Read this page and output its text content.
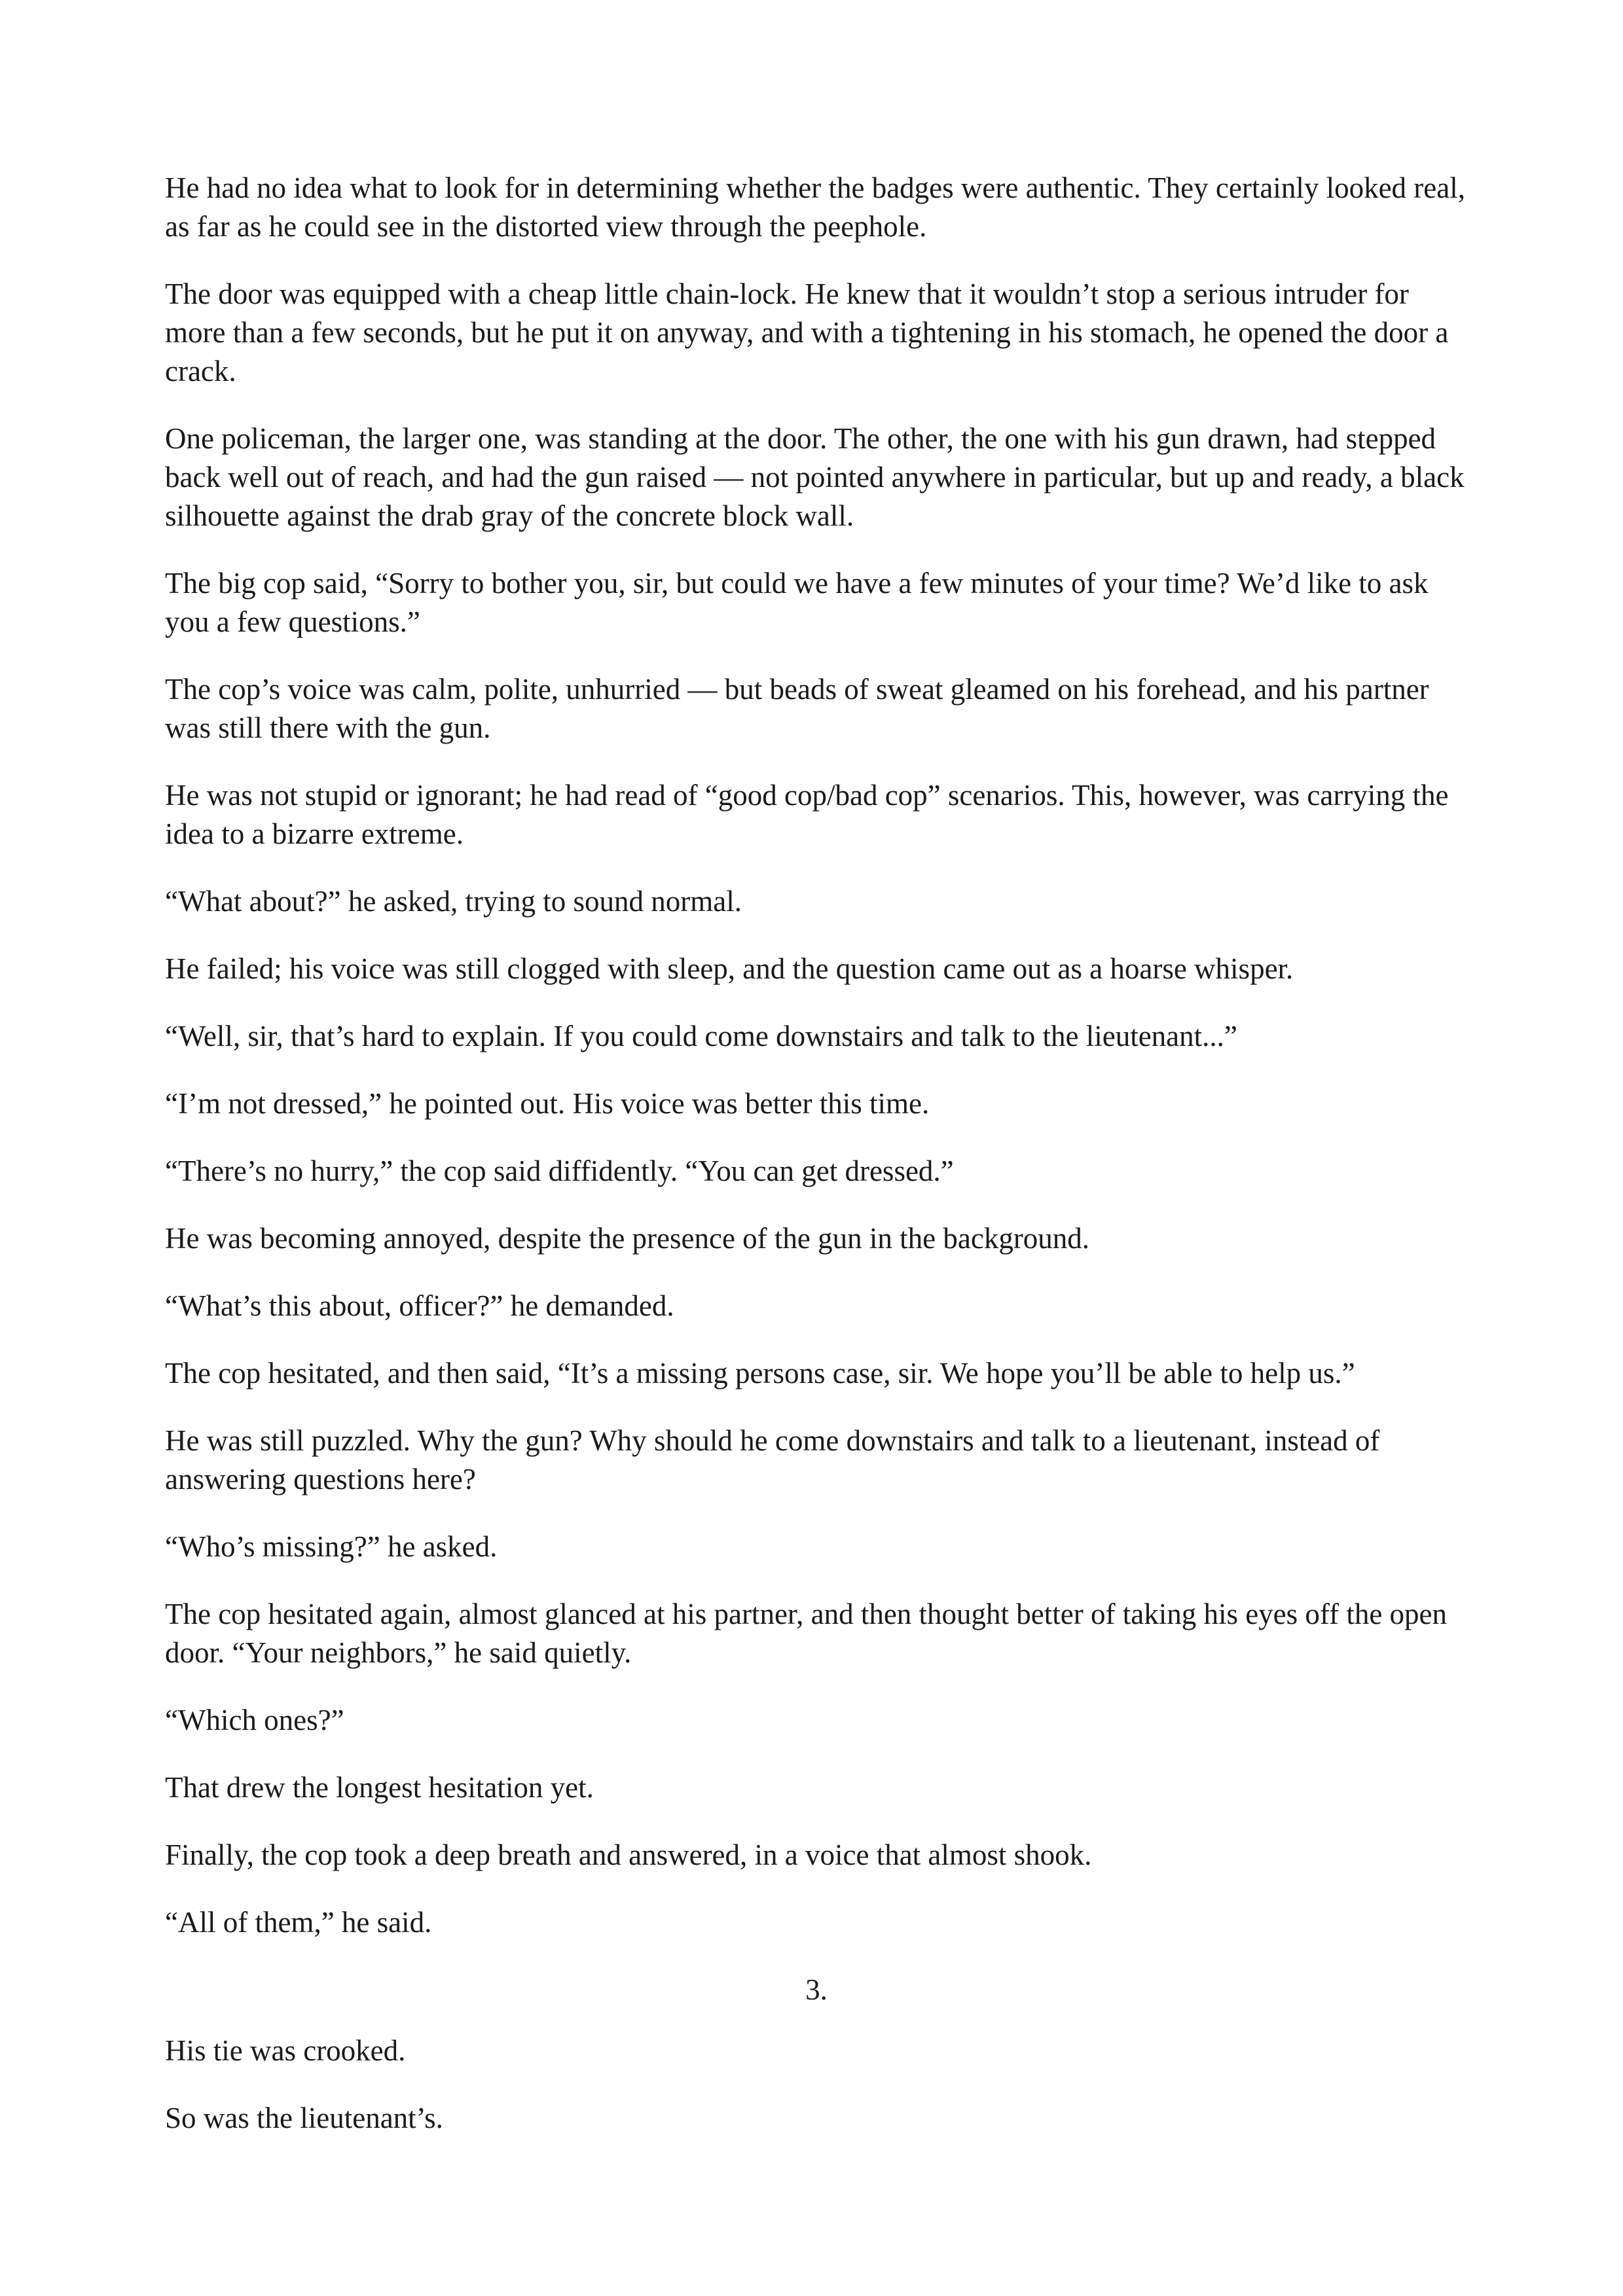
He had no idea what to look for in determining whether the badges were authentic. They certainly looked real, as far as he could see in the distorted view through the peephole.

The door was equipped with a cheap little chain-lock. He knew that it wouldn’t stop a serious intruder for more than a few seconds, but he put it on anyway, and with a tightening in his stomach, he opened the door a crack.

One policeman, the larger one, was standing at the door. The other, the one with his gun drawn, had stepped back well out of reach, and had the gun raised — not pointed anywhere in particular, but up and ready, a black silhouette against the drab gray of the concrete block wall.

The big cop said, “Sorry to bother you, sir, but could we have a few minutes of your time? We’d like to ask you a few questions.”

The cop’s voice was calm, polite, unhurried — but beads of sweat gleamed on his forehead, and his partner was still there with the gun.

He was not stupid or ignorant; he had read of “good cop/bad cop” scenarios. This, however, was carrying the idea to a bizarre extreme.

“What about?” he asked, trying to sound normal.

He failed; his voice was still clogged with sleep, and the question came out as a hoarse whisper.

“Well, sir, that’s hard to explain. If you could come downstairs and talk to the lieutenant...”

“I’m not dressed,” he pointed out. His voice was better this time.

“There’s no hurry,” the cop said diffidently. “You can get dressed.”

He was becoming annoyed, despite the presence of the gun in the background.

“What’s this about, officer?” he demanded.

The cop hesitated, and then said, “It’s a missing persons case, sir. We hope you’ll be able to help us.”

He was still puzzled. Why the gun? Why should he come downstairs and talk to a lieutenant, instead of answering questions here?

“Who’s missing?” he asked.

The cop hesitated again, almost glanced at his partner, and then thought better of taking his eyes off the open door. “Your neighbors,” he said quietly.

“Which ones?”

That drew the longest hesitation yet.

Finally, the cop took a deep breath and answered, in a voice that almost shook.

“All of them,” he said.

3.

His tie was crooked.

So was the lieutenant’s.
